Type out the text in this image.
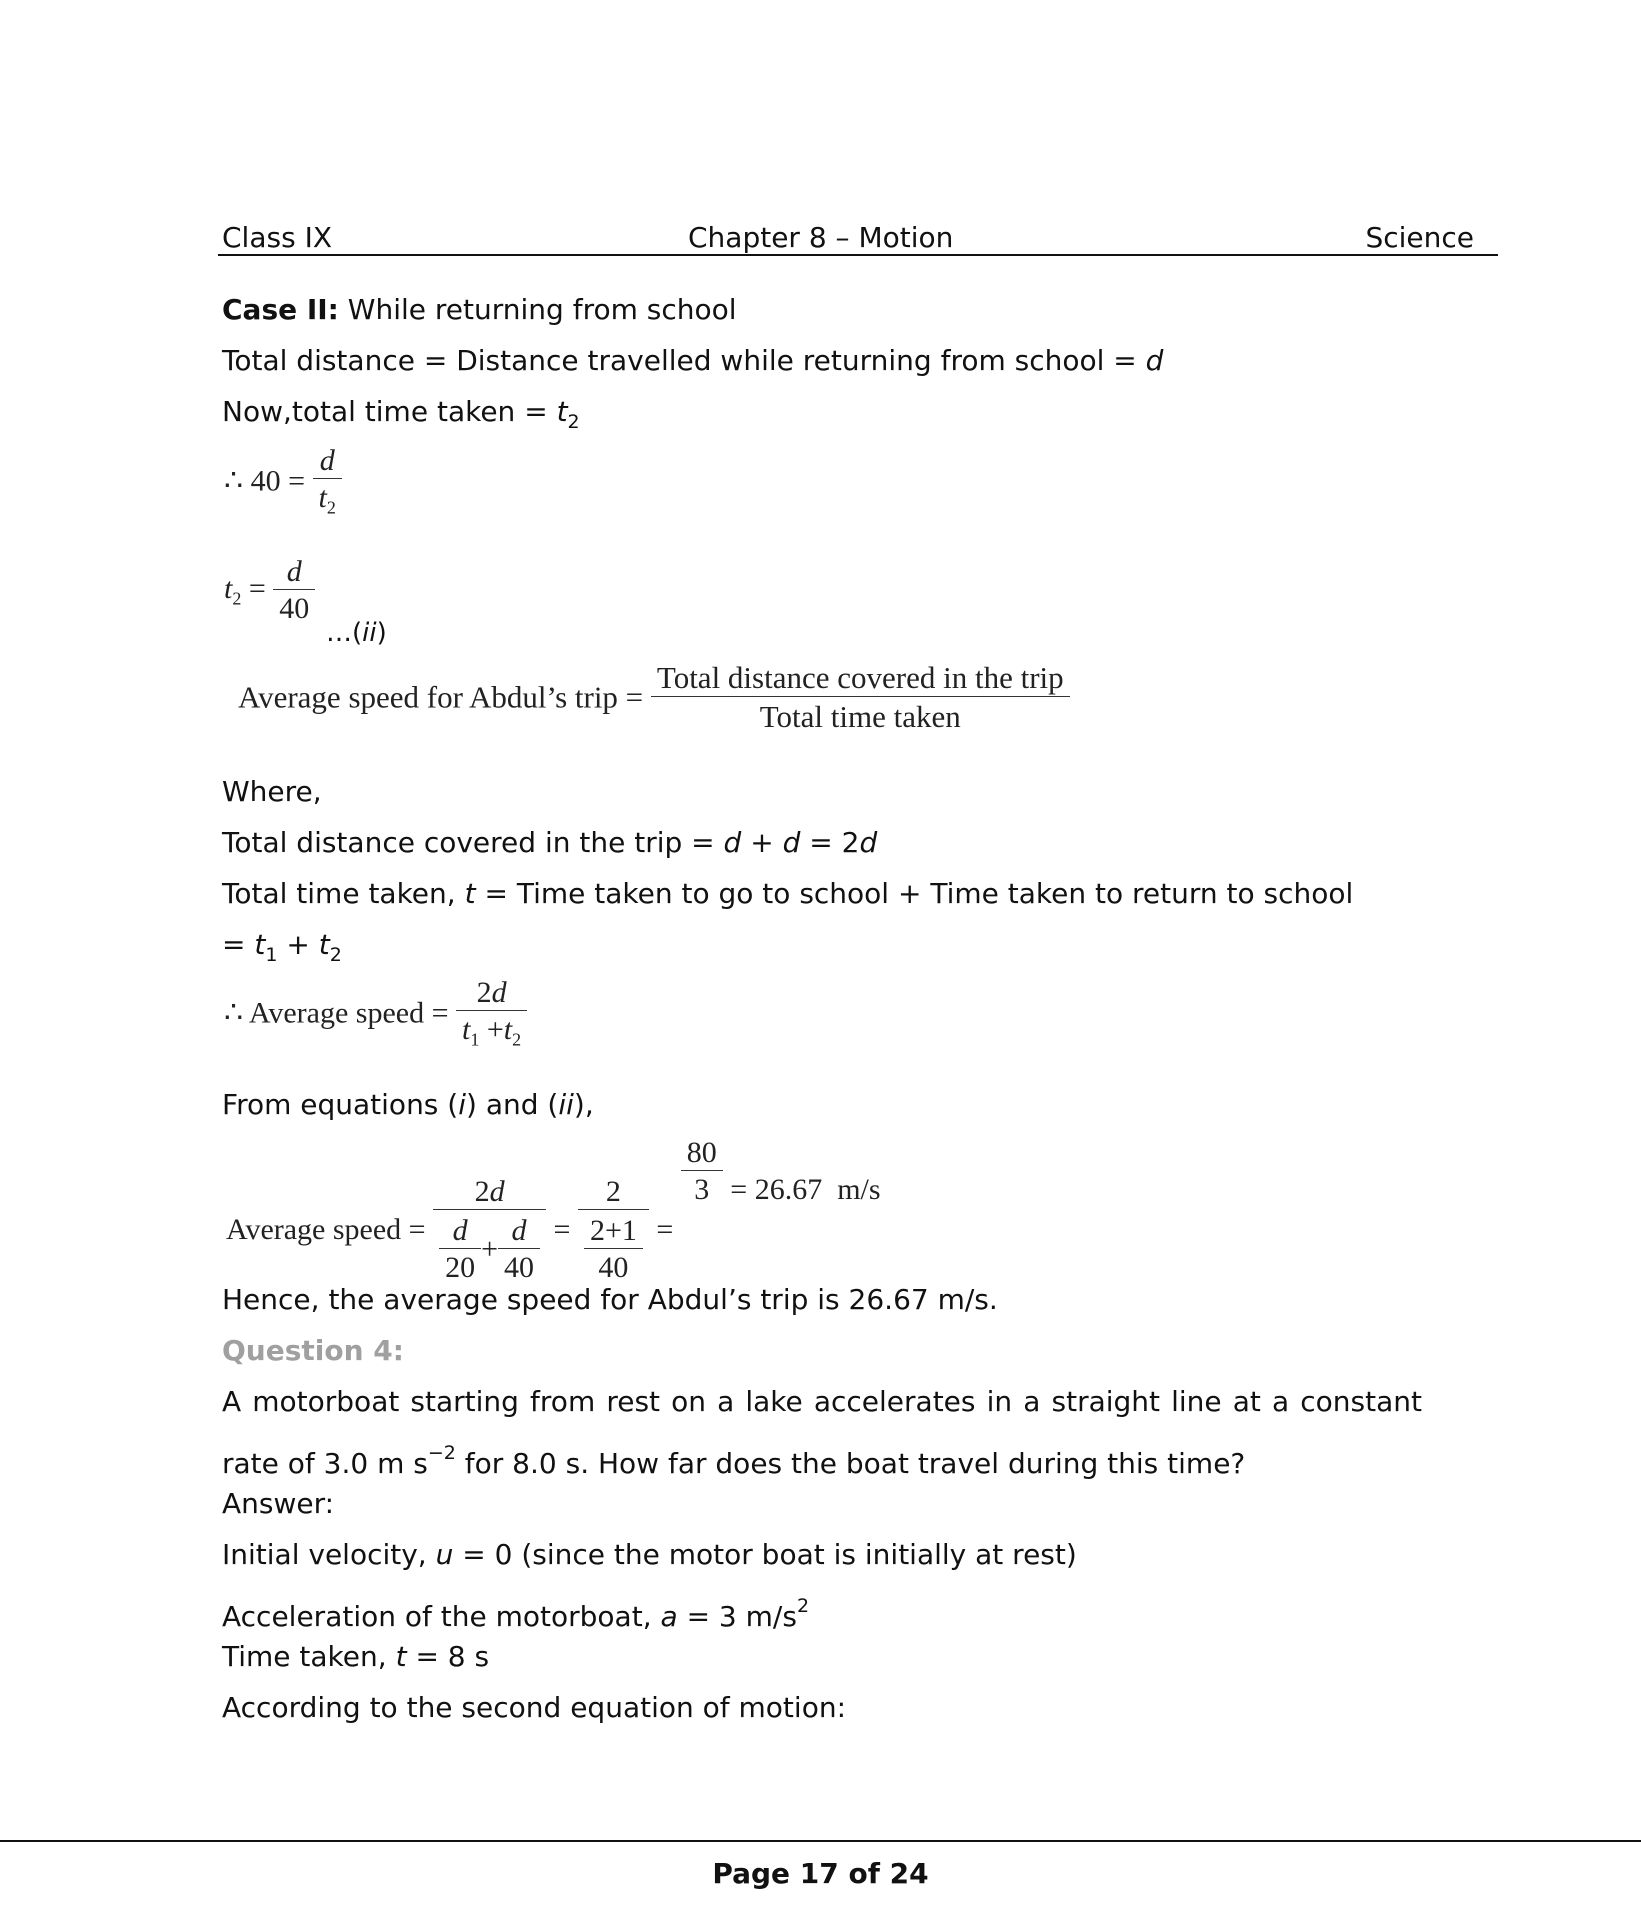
Class IX	Chapter 8 – Motion	Science
Case II: While returning from school
Total distance = Distance travelled while returning from school = d
Now,total time taken = $t_2$
∴ $40 = \frac{d}{t_2}$
$t_2 = \frac{d}{40}$
…(ii)
Average speed for Abdul’s trip = $\frac{\text{Total distance covered in the trip}}{\text{Total time taken}}$
Where,
Total distance covered in the trip = d + d = 2d
Total time taken, t = Time taken to go to school + Time taken to return to school
= $t_1 + t_2$
∴ Average speed = $\frac{2d}{t_1 +t_2}$
From equations (i) and (ii),
Average speed = $\frac{2d}{\frac{d}{20} + \frac{d}{40}} = \frac{2}{\frac{2+1}{40}}$ =
$\frac{80}{3} = 26.67$  m/s
Hence, the average speed for Abdul’s trip is 26.67 m/s.
Question 4:
A motorboat starting from rest on a lake accelerates in a straight line at a constant
rate of 3.0 m $s^{-2}$ for 8.0 s. How far does the boat travel during this time?
Answer:
Initial velocity, u = 0 (since the motor boat is initially at rest)
Acceleration of the motorboat, a = 3 $m/s^2$
Time taken, t = 8 s
According to the second equation of motion:
Page 17 of 24
